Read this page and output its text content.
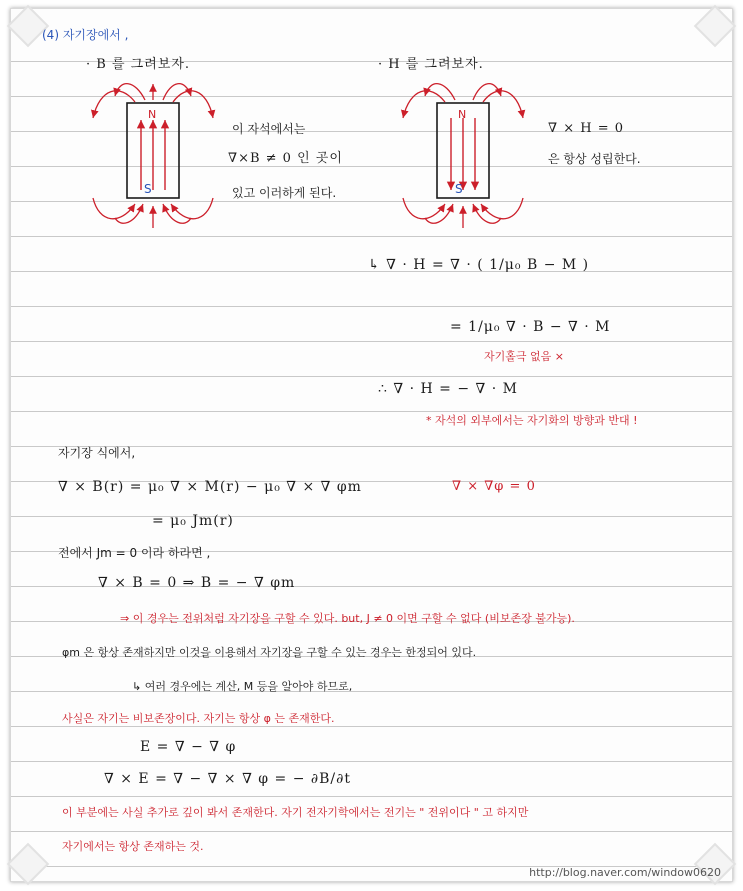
(4) 자기장에서 ,
· B 를 그려보자.
N
S
이 자석에서는
∇×B ≠ 0 인 곳이
있고 이러하게 된다.
· H 를 그려보자.
N
S
∇ × H = 0
은 항상 성립한다.
↳ ∇ · H = ∇ · ( 1/μ₀ B − M )
= 1/μ₀ ∇ · B − ∇ · M
자기홀극 없음 ×
∴ ∇ · H = − ∇ · M
* 자석의 외부에서는 자기화의 방향과 반대 !
자기장 식에서,
∇ × B(r) = μ₀ ∇ × M(r) − μ₀ ∇ × ∇ φm	∇ × ∇φ = 0
= μ₀ Jm(r)
전에서 Jm = 0 이라 하라면 ,
∇ × B = 0 ⇒ B = − ∇ φm
⇒ 이 경우는 전위처럼 자기장을 구할 수 있다. but, J ≠ 0 이면 구할 수 없다 (비보존장 불가능).
φm 은 항상 존재하지만 이것을 이용해서 자기장을 구할 수 있는 경우는 한정되어 있다.
↳ 여러 경우에는 계산, M 등을 알아야 하므로,
사실은 자기는 비보존장이다. 자기는 항상 φ 는 존재한다.
E = ∇ − ∇ φ
∇ × E = ∇ − ∇ × ∇ φ = − ∂B/∂t
이 부분에는 사실 추가로 깊이 봐서 존재한다. 자기 전자기학에서는 전기는 " 전위이다 " 고 하지만
자기에서는 항상 존재하는 것.
http://blog.naver.com/window0620
